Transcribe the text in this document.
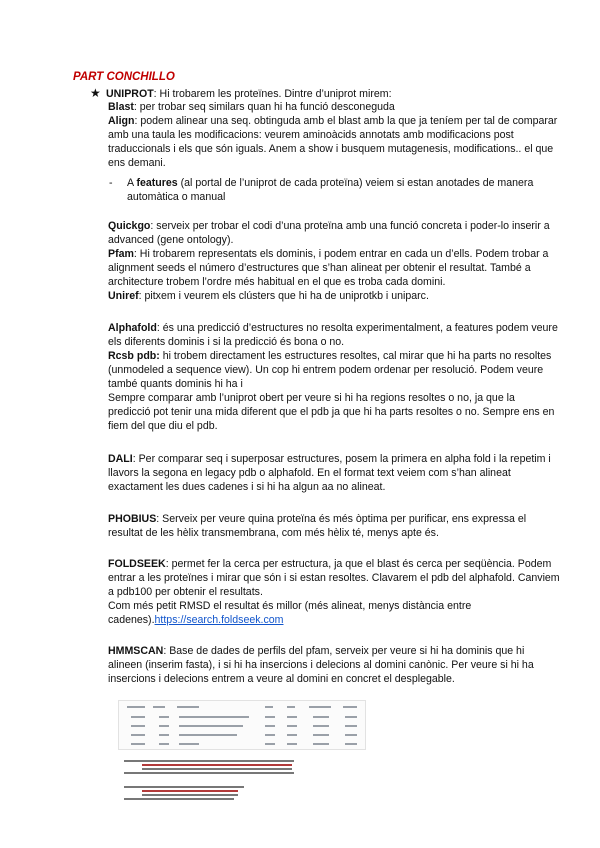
PART CONCHILLO
★ UNIPROT: Hi trobarem les proteïnes. Dintre d’uniprot mirem:

Blast: per trobar seq similars quan hi ha funció desconeguda

Align: podem alinear una seq. obtinguda amb el blast amb la que ja teníem per tal de comparar amb una taula les modificacions: veurem aminoàcids annotats amb modificacions post traduccionals i els que són iguals. Anem a show i busquem mutagenesis, modifications.. el que ens demani.

- A features (al portal de l’uniprot de cada proteïna) veiem si estan anotades de manera automàtica o manual

Quickgo: serveix per trobar el codi d’una proteïna amb una funció concreta i poder-lo inserir a advanced (gene ontology).

Pfam: Hi trobarem representats els dominis, i podem entrar en cada un d’ells. Podem trobar a alignment seeds el número d’estructures que s’han alineat per obtenir el resultat. També a architecture trobem l’ordre més habitual en el que es troba cada domini.

Uniref: pitxem i veurem els clústers que hi ha de uniprotkb i uniparc.

Alphafold: és una predicció d’estructures no resolta experimentalment, a features podem veure els diferents dominis i si la predicció és bona o no.

Rcsb pdb: hi trobem directament les estructures resoltes, cal mirar que hi ha parts no resoltes (unmodeled a sequence view). Un cop hi entrem podem ordenar per resolució. Podem veure també quants dominis hi ha i

Sempre comparar amb l’uniprot obert per veure si hi ha regions resoltes o no, ja que la predicció pot tenir una mida diferent que el pdb ja que hi ha parts resoltes o no. Sempre ens en fiem del que diu el pdb.

DALI: Per comparar seq i superposar estructures, posem la primera en alpha fold i la repetim i llavors la segona en legacy pdb o alphafold. En el format text veiem com s’han alineat exactament les dues cadenes i si hi ha algun aa no alineat.

PHOBIUS: Serveix per veure quina proteïna és més òptima per purificar, ens expressa el resultat de les hèlix transmembrana, com més hèlix té, menys apte és.

FOLDSEEK: permet fer la cerca per estructura, ja que el blast és cerca per seqüència. Podem entrar a les proteïnes i mirar que són i si estan resoltes. Clavarem el pdb del alphafold. Canviem a pdb100 per obtenir el resultats.

Com més petit RMSD el resultat és millor (més alineat, menys distància entre cadenes).https://search.foldseek.com

HMMSCAN: Base de dades de perfils del pfam, serveix per veure si hi ha dominis que hi alineen (inserim fasta), i si hi ha insercions i delecions al domini canònic. Per veure si hi ha insercions i delecions entrem a veure al domini en concret el desplegable.
